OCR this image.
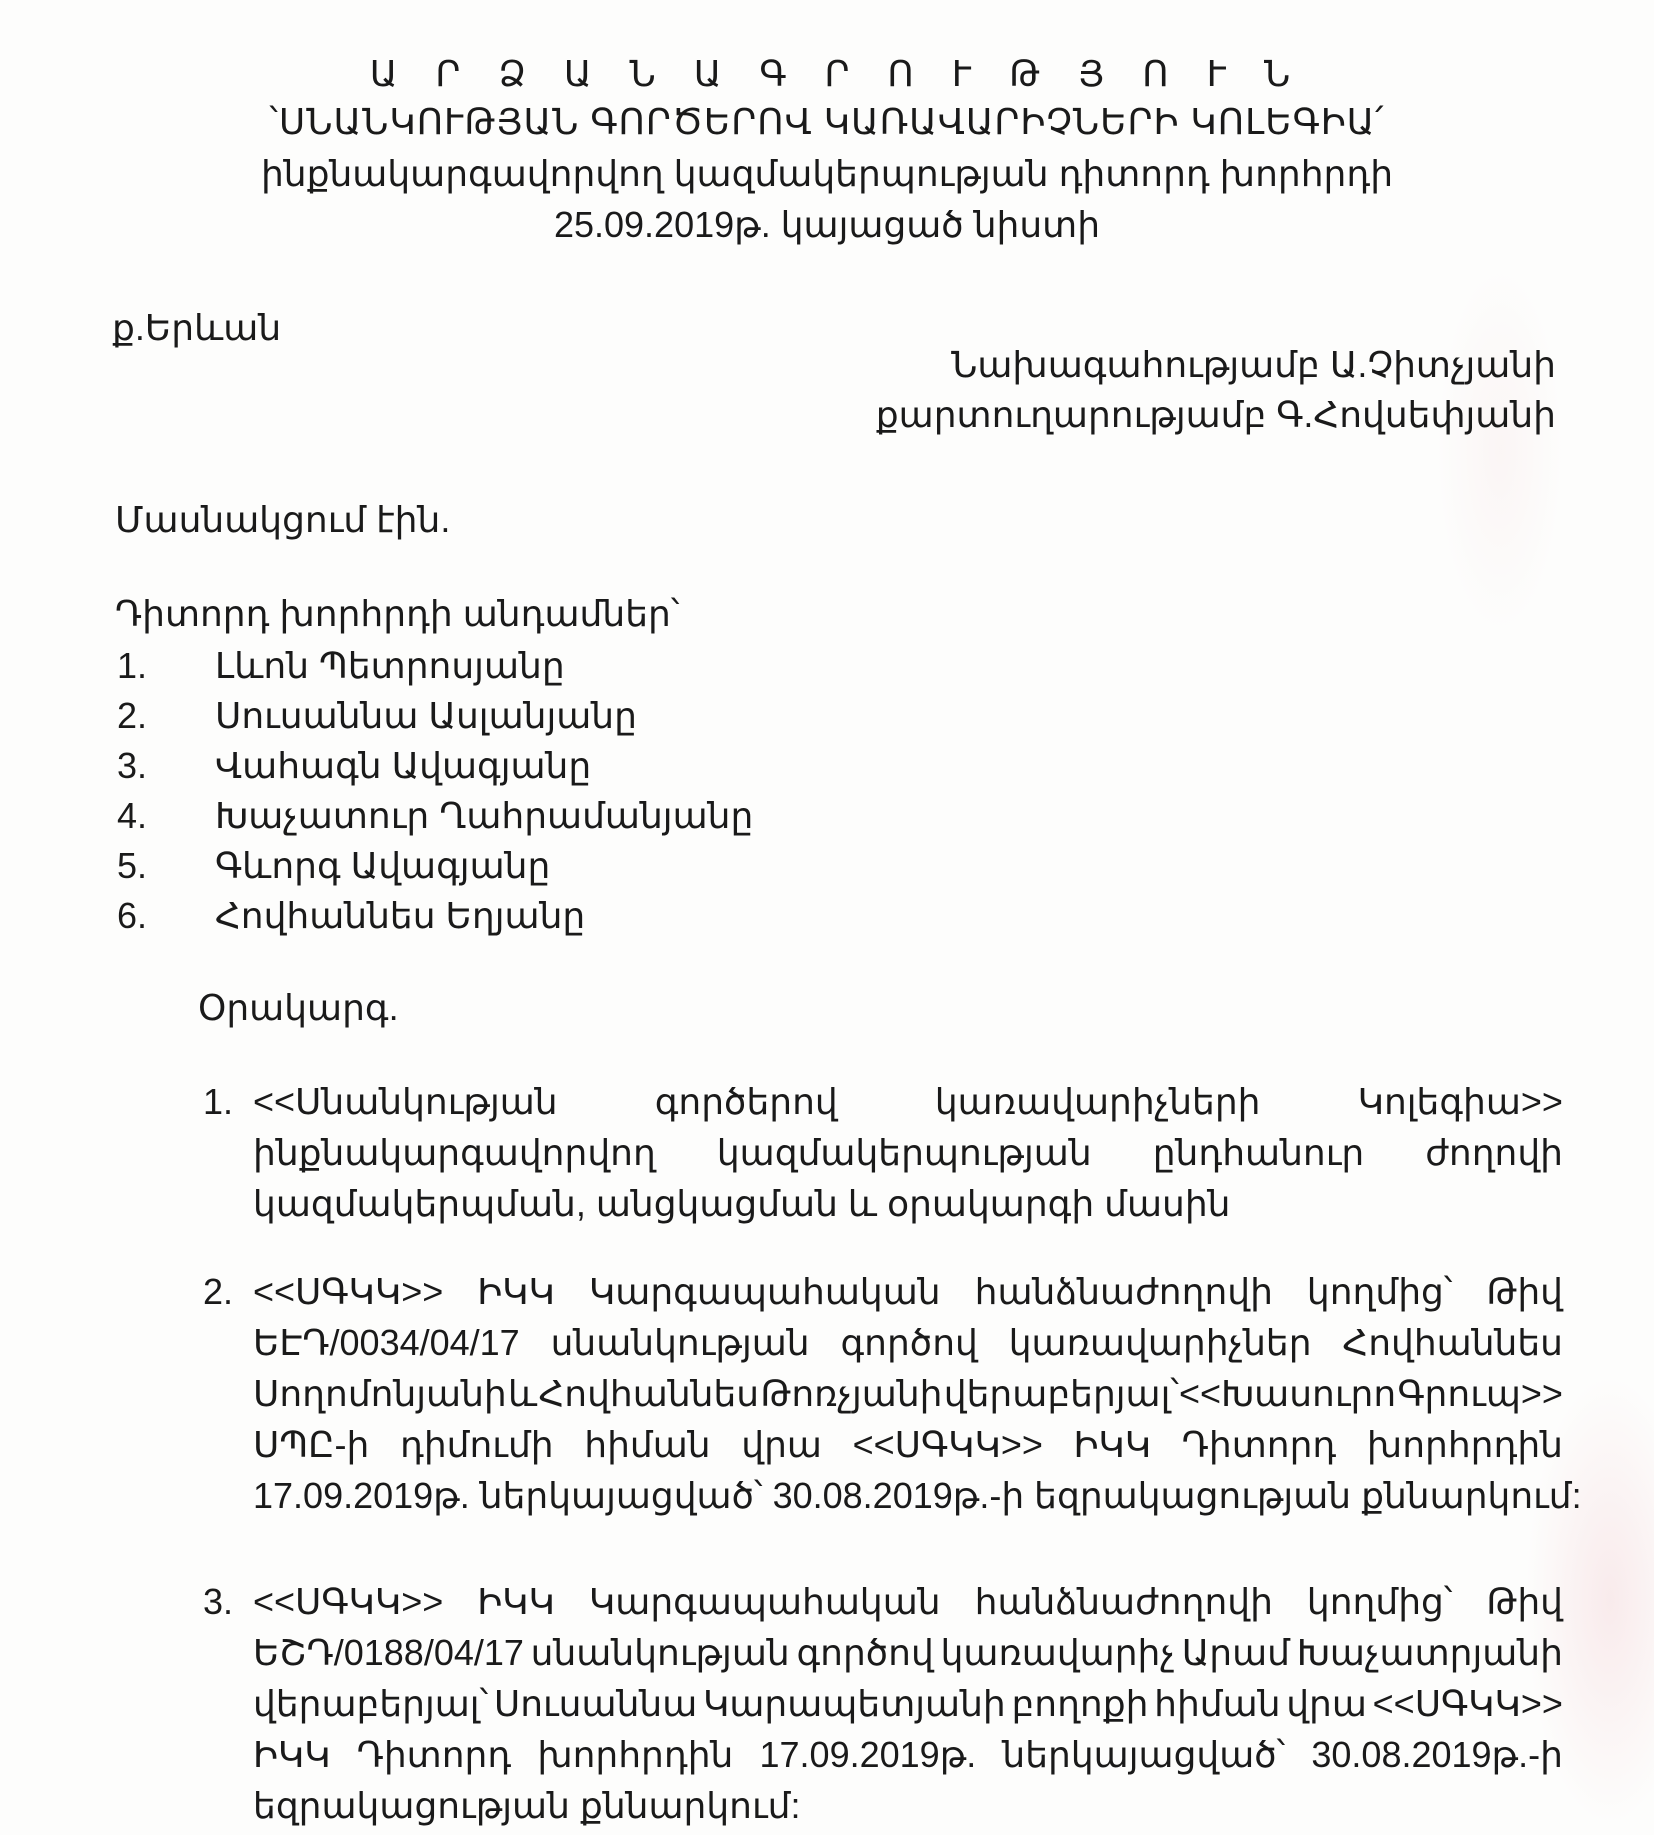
Ա Ր Ձ Ա Ն Ա Գ Ր Ո Ւ Թ Յ Ո Ւ Ն
՝ՍՆԱՆԿՈՒԹՅԱՆ ԳՈՐԾԵՐՈՎ ԿԱՌԱՎԱՐԻՉՆԵՐԻ ԿՈԼԵԳԻԱ՛
ինքնակարգավորվող կազմակերպության դիտորդ խորհրդի
25.09.2019թ. կայացած նիստի
ք.Երևան
Նախագահությամբ Ա.Չիտչյանի
քարտուղարությամբ Գ.Հովսեփյանի
Մասնակցում էին.
Դիտորդ խորհրդի անդամներ՝
1. Լևոն Պետրոսյանը
2. Սուսաննա Ասլանյանը
3. Վահագն Ավագյանը
4. Խաչատուր Ղահրամանյանը
5. Գևորգ Ավագյանը
6. Հովհաննես Եղյանը
Օրակարգ.
1. <<Սնանկության	գործերով	կառավարիչների	Կոլեգիա>>
ինքնակարգավորվող կազմակերպության ընդհանուր ժողովի
կազմակերպման, անցկացման և օրակարգի մասին
2. <<ՍԳԿԿ>> ԻԿԿ Կարգապահական հանձնաժողովի կողմից՝ Թիվ
ԵԷԴ/0034/04/17 սնանկության գործով կառավարիչներ Հովհաննես
Սողոմոնյանի և Հովհաննես Թոռչյանի վերաբերյալ՝<<Խասուրո Գրուպ>>
ՍՊԸ-ի դիմումի հիման վրա <<ՍԳԿԿ>> ԻԿԿ Դիտորդ խորհրդին
17.09.2019թ. ներկայացված՝ 30.08.2019թ.-ի եզրակացության քննարկում:
3. <<ՍԳԿԿ>> ԻԿԿ Կարգապահական հանձնաժողովի կողմից՝ Թիվ
ԵՇԴ/0188/04/17 սնանկության գործով կառավարիչ Արամ Խաչատրյանի
վերաբերյալ՝ Սուսաննա Կարապետյանի բողոքի հիման վրա <<ՍԳԿԿ>>
ԻԿԿ Դիտորդ խորհրդին 17.09.2019թ. ներկայացված՝ 30.08.2019թ.-ի
եզրակացության քննարկում:
